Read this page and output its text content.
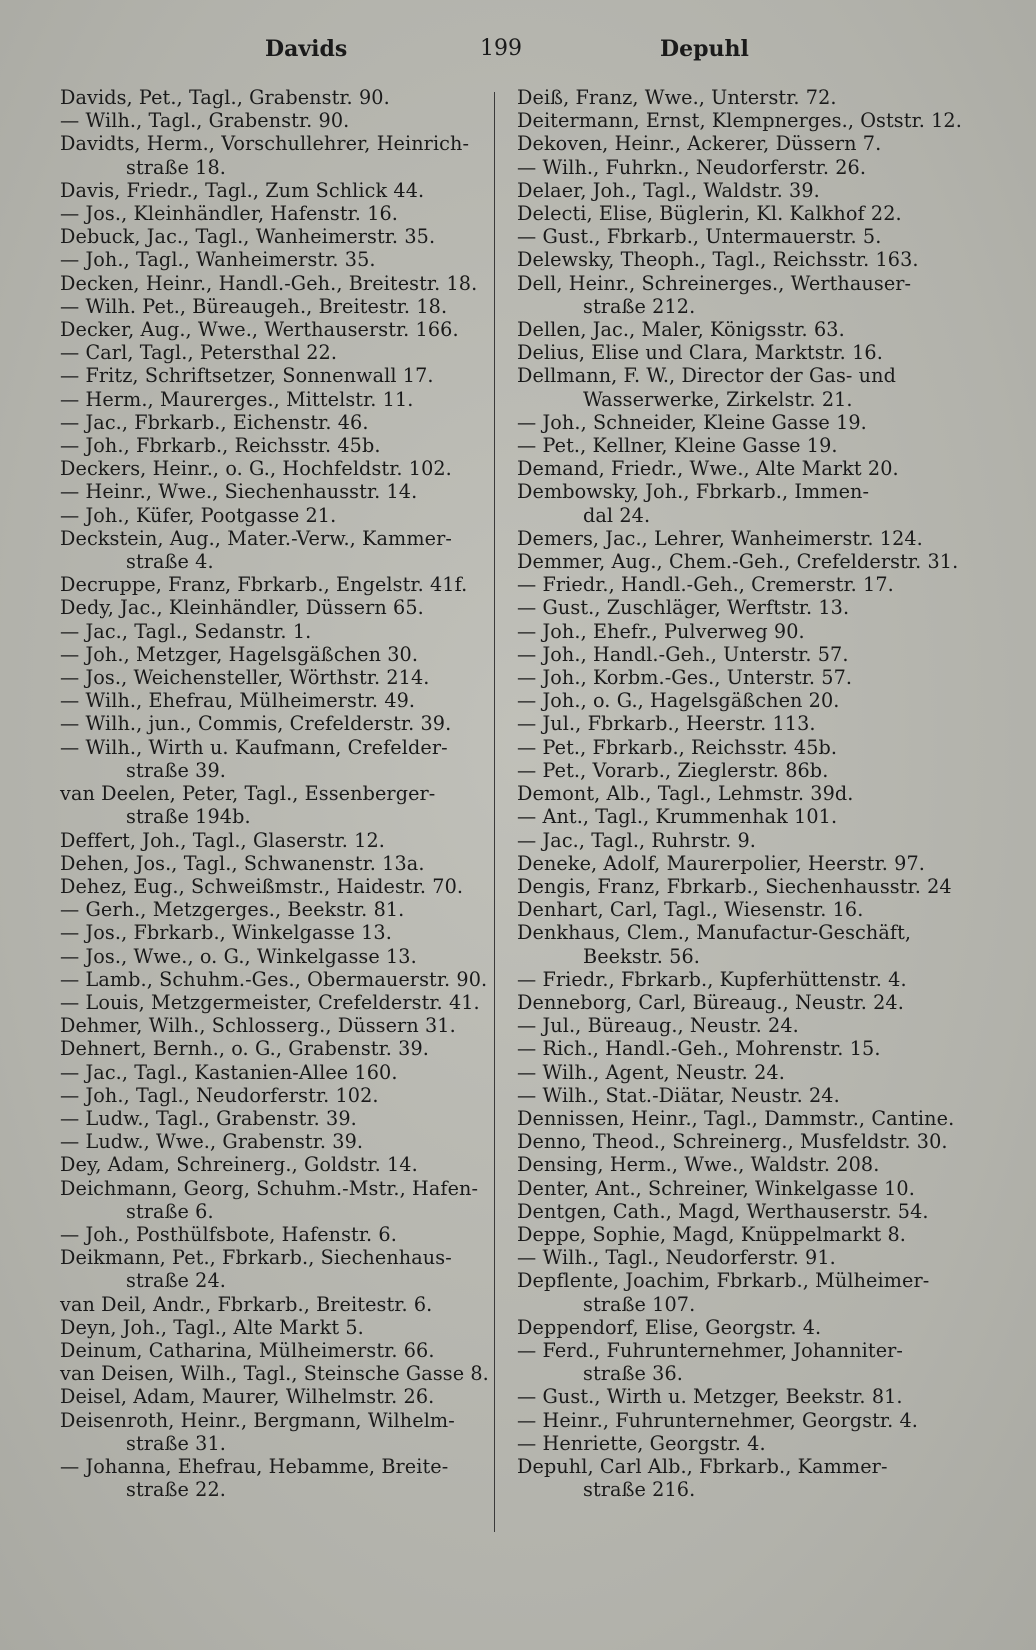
Davids	199	Depuhl
Davids, Pet., Tagl., Grabenstr. 90.
— Wilh., Tagl., Grabenstr. 90.
Davidts, Herm., Vorschullehrer, Heinrich-
straße 18.
Davis, Friedr., Tagl., Zum Schlick 44.
— Jos., Kleinhändler, Hafenstr. 16.
Debuck, Jac., Tagl., Wanheimerstr. 35.
— Joh., Tagl., Wanheimerstr. 35.
Decken, Heinr., Handl.-Geh., Breitestr. 18.
— Wilh. Pet., Büreaugeh., Breitestr. 18.
Decker, Aug., Wwe., Werthauserstr. 166.
— Carl, Tagl., Petersthal 22.
— Fritz, Schriftsetzer, Sonnenwall 17.
— Herm., Maurerges., Mittelstr. 11.
— Jac., Fbrkarb., Eichenstr. 46.
— Joh., Fbrkarb., Reichsstr. 45b.
Deckers, Heinr., o. G., Hochfeldstr. 102.
— Heinr., Wwe., Siechenhausstr. 14.
— Joh., Küfer, Pootgasse 21.
Deckstein, Aug., Mater.-Verw., Kammer-
straße 4.
Decruppe, Franz, Fbrkarb., Engelstr. 41f.
Dedy, Jac., Kleinhändler, Düssern 65.
— Jac., Tagl., Sedanstr. 1.
— Joh., Metzger, Hagelsgäßchen 30.
— Jos., Weichensteller, Wörthstr. 214.
— Wilh., Ehefrau, Mülheimerstr. 49.
— Wilh., jun., Commis, Crefelderstr. 39.
— Wilh., Wirth u. Kaufmann, Crefelder-
straße 39.
van Deelen, Peter, Tagl., Essenberger-
straße 194b.
Deffert, Joh., Tagl., Glaserstr. 12.
Dehen, Jos., Tagl., Schwanenstr. 13a.
Dehez, Eug., Schweißmstr., Haidestr. 70.
— Gerh., Metzgerges., Beekstr. 81.
— Jos., Fbrkarb., Winkelgasse 13.
— Jos., Wwe., o. G., Winkelgasse 13.
— Lamb., Schuhm.-Ges., Obermauerstr. 90.
— Louis, Metzgermeister, Crefelderstr. 41.
Dehmer, Wilh., Schlosserg., Düssern 31.
Dehnert, Bernh., o. G., Grabenstr. 39.
— Jac., Tagl., Kastanien-Allee 160.
— Joh., Tagl., Neudorferstr. 102.
— Ludw., Tagl., Grabenstr. 39.
— Ludw., Wwe., Grabenstr. 39.
Dey, Adam, Schreinerg., Goldstr. 14.
Deichmann, Georg, Schuhm.-Mstr., Hafen-
straße 6.
— Joh., Posthülfsbote, Hafenstr. 6.
Deikmann, Pet., Fbrkarb., Siechenhaus-
straße 24.
van Deil, Andr., Fbrkarb., Breitestr. 6.
Deyn, Joh., Tagl., Alte Markt 5.
Deinum, Catharina, Mülheimerstr. 66.
van Deisen, Wilh., Tagl., Steinsche Gasse 8.
Deisel, Adam, Maurer, Wilhelmstr. 26.
Deisenroth, Heinr., Bergmann, Wilhelm-
straße 31.
— Johanna, Ehefrau, Hebamme, Breite-
straße 22.
Deiß, Franz, Wwe., Unterstr. 72.
Deitermann, Ernst, Klempnerges., Oststr. 12.
Dekoven, Heinr., Ackerer, Düssern 7.
— Wilh., Fuhrkn., Neudorferstr. 26.
Delaer, Joh., Tagl., Waldstr. 39.
Delecti, Elise, Büglerin, Kl. Kalkhof 22.
— Gust., Fbrkarb., Untermauerstr. 5.
Delewsky, Theoph., Tagl., Reichsstr. 163.
Dell, Heinr., Schreinerges., Werthauser-
straße 212.
Dellen, Jac., Maler, Königsstr. 63.
Delius, Elise und Clara, Marktstr. 16.
Dellmann, F. W., Director der Gas- und
Wasserwerke, Zirkelstr. 21.
— Joh., Schneider, Kleine Gasse 19.
— Pet., Kellner, Kleine Gasse 19.
Demand, Friedr., Wwe., Alte Markt 20.
Dembowsky, Joh., Fbrkarb., Immen-
dal 24.
Demers, Jac., Lehrer, Wanheimerstr. 124.
Demmer, Aug., Chem.-Geh., Crefelderstr. 31.
— Friedr., Handl.-Geh., Cremerstr. 17.
— Gust., Zuschläger, Werftstr. 13.
— Joh., Ehefr., Pulverweg 90.
— Joh., Handl.-Geh., Unterstr. 57.
— Joh., Korbm.-Ges., Unterstr. 57.
— Joh., o. G., Hagelsgäßchen 20.
— Jul., Fbrkarb., Heerstr. 113.
— Pet., Fbrkarb., Reichsstr. 45b.
— Pet., Vorarb., Zieglerstr. 86b.
Demont, Alb., Tagl., Lehmstr. 39d.
— Ant., Tagl., Krummenhak 101.
— Jac., Tagl., Ruhrstr. 9.
Deneke, Adolf, Maurerpolier, Heerstr. 97.
Dengis, Franz, Fbrkarb., Siechenhausstr. 24
Denhart, Carl, Tagl., Wiesenstr. 16.
Denkhaus, Clem., Manufactur-Geschäft,
Beekstr. 56.
— Friedr., Fbrkarb., Kupferhüttenstr. 4.
Denneborg, Carl, Büreaug., Neustr. 24.
— Jul., Büreaug., Neustr. 24.
— Rich., Handl.-Geh., Mohrenstr. 15.
— Wilh., Agent, Neustr. 24.
— Wilh., Stat.-Diätar, Neustr. 24.
Dennissen, Heinr., Tagl., Dammstr., Cantine.
Denno, Theod., Schreinerg., Musfeldstr. 30.
Densing, Herm., Wwe., Waldstr. 208.
Denter, Ant., Schreiner, Winkelgasse 10.
Dentgen, Cath., Magd, Werthauserstr. 54.
Deppe, Sophie, Magd, Knüppelmarkt 8.
— Wilh., Tagl., Neudorferstr. 91.
Depflente, Joachim, Fbrkarb., Mülheimer-
straße 107.
Deppendorf, Elise, Georgstr. 4.
— Ferd., Fuhrunternehmer, Johanniter-
straße 36.
— Gust., Wirth u. Metzger, Beekstr. 81.
— Heinr., Fuhrunternehmer, Georgstr. 4.
— Henriette, Georgstr. 4.
Depuhl, Carl Alb., Fbrkarb., Kammer-
straße 216.
